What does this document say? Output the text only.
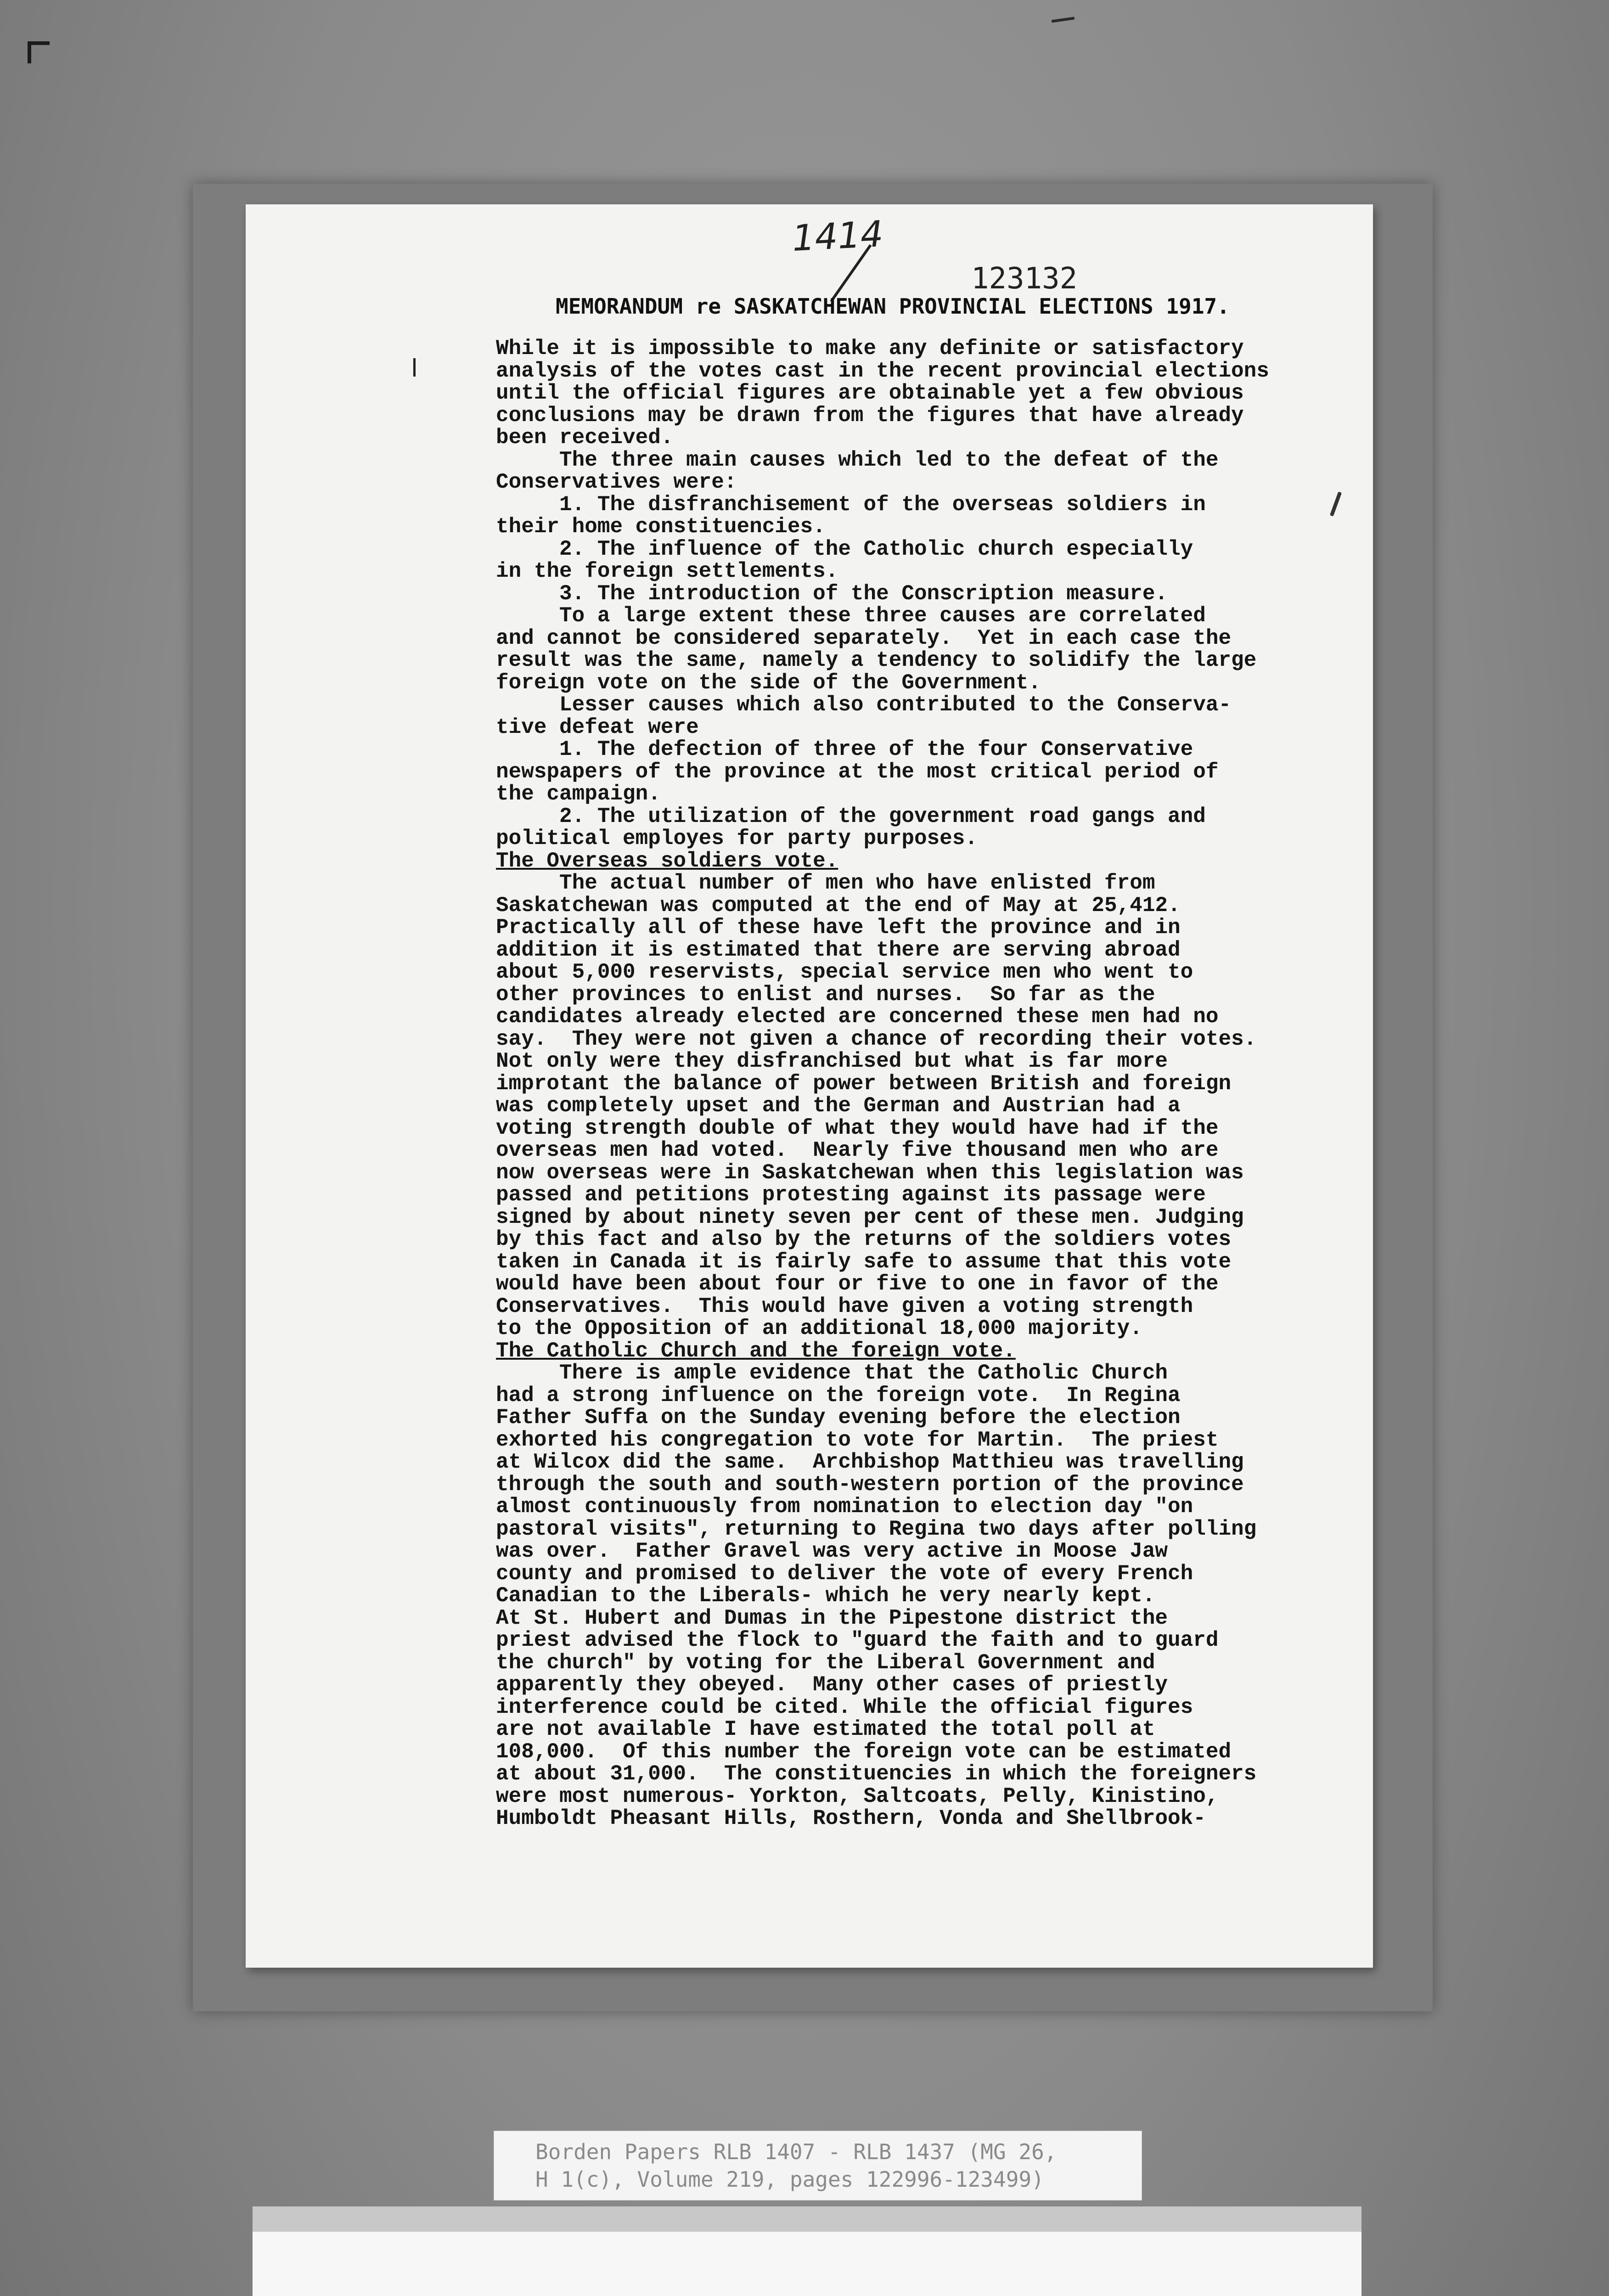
1414
123132
MEMORANDUM re SASKATCHEWAN PROVINCIAL ELECTIONS 1917.
While it is impossible to make any definite or satisfactory
analysis of the votes cast in the recent provincial elections
until the official figures are obtainable yet a few obvious
conclusions may be drawn from the figures that have already
been received.
The three main causes which led to the defeat of the
Conservatives were:
1. The disfranchisement of the overseas soldiers in
their home constituencies.
2. The influence of the Catholic church especially
in the foreign settlements.
3. The introduction of the Conscription measure.
To a large extent these three causes are correlated
and cannot be considered separately.  Yet in each case the
result was the same, namely a tendency to solidify the large
foreign vote on the side of the Government.
Lesser causes which also contributed to the Conserva-
tive defeat were
1. The defection of three of the four Conservative
newspapers of the province at the most critical period of
the campaign.
2. The utilization of the government road gangs and
political employes for party purposes.
The Overseas soldiers vote.
The actual number of men who have enlisted from
Saskatchewan was computed at the end of May at 25,412.
Practically all of these have left the province and in
addition it is estimated that there are serving abroad
about 5,000 reservists, special service men who went to
other provinces to enlist and nurses.  So far as the
candidates already elected are concerned these men had no
say.  They were not given a chance of recording their votes.
Not only were they disfranchised but what is far more
improtant the balance of power between British and foreign
was completely upset and the German and Austrian had a
voting strength double of what they would have had if the
overseas men had voted.  Nearly five thousand men who are
now overseas were in Saskatchewan when this legislation was
passed and petitions protesting against its passage were
signed by about ninety seven per cent of these men. Judging
by this fact and also by the returns of the soldiers votes
taken in Canada it is fairly safe to assume that this vote
would have been about four or five to one in favor of the
Conservatives.  This would have given a voting strength
to the Opposition of an additional 18,000 majority.
The Catholic Church and the foreign vote.
There is ample evidence that the Catholic Church
had a strong influence on the foreign vote.  In Regina
Father Suffa on the Sunday evening before the election
exhorted his congregation to vote for Martin.  The priest
at Wilcox did the same.  Archbishop Matthieu was travelling
through the south and south-western portion of the province
almost continuously from nomination to election day "on
pastoral visits", returning to Regina two days after polling
was over.  Father Gravel was very active in Moose Jaw
county and promised to deliver the vote of every French
Canadian to the Liberals- which he very nearly kept.
At St. Hubert and Dumas in the Pipestone district the
priest advised the flock to "guard the faith and to guard
the church" by voting for the Liberal Government and
apparently they obeyed.  Many other cases of priestly
interference could be cited. While the official figures
are not available I have estimated the total poll at
108,000.  Of this number the foreign vote can be estimated
at about 31,000.  The constituencies in which the foreigners
were most numerous- Yorkton, Saltcoats, Pelly, Kinistino,
Humboldt Pheasant Hills, Rosthern, Vonda and Shellbrook-
Borden Papers RLB 1407 - RLB 1437 (MG 26,
H 1(c), Volume 219, pages 122996-123499)
